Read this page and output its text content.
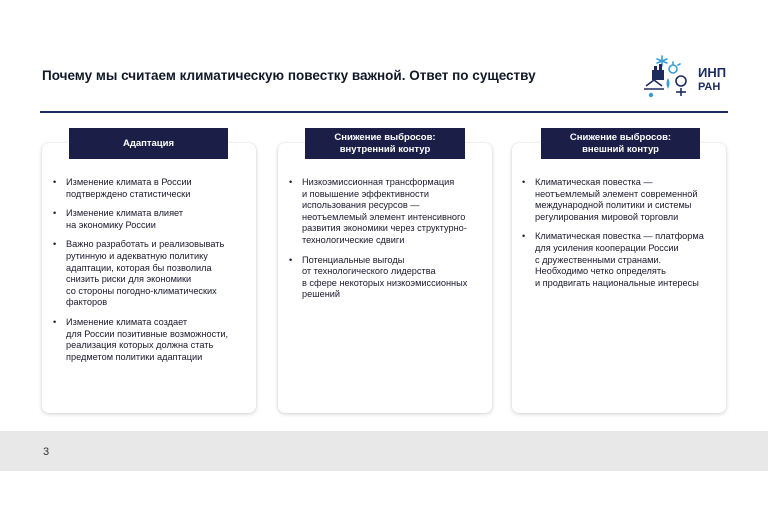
Почему мы считаем климатическую повестку важной. Ответ по существу	ИНП
РАН
Адаптация
• Изменение климата в России
подтверждено статистически
• Изменение климата влияет
на экономику России
• Важно разработать и реализовывать
рутинную и адекватную политику
адаптации, которая бы позволила
снизить риски для экономики
со стороны погодно-климатических
факторов
• Изменение климата создает
для России позитивные возможности,
реализация которых должна стать
предметом политики адаптации
Снижение выбросов:
внутренний контур
• Низкоэмиссионная трансформация
и повышение эффективности
использования ресурсов —
неотъемлемый элемент интенсивного
развития экономики через структурно-
технологические сдвиги
• Потенциальные выгоды
от технологического лидерства
в сфере некоторых низкоэмиссионных
решений
Снижение выбросов:
внешний контур
• Климатическая повестка —
неотъемлемый элемент современной
международной политики и системы
регулирования мировой торговли
• Климатическая повестка — платформа
для усиления кооперации России
с дружественными странами.
Необходимо четко определять
и продвигать национальные интересы
3
